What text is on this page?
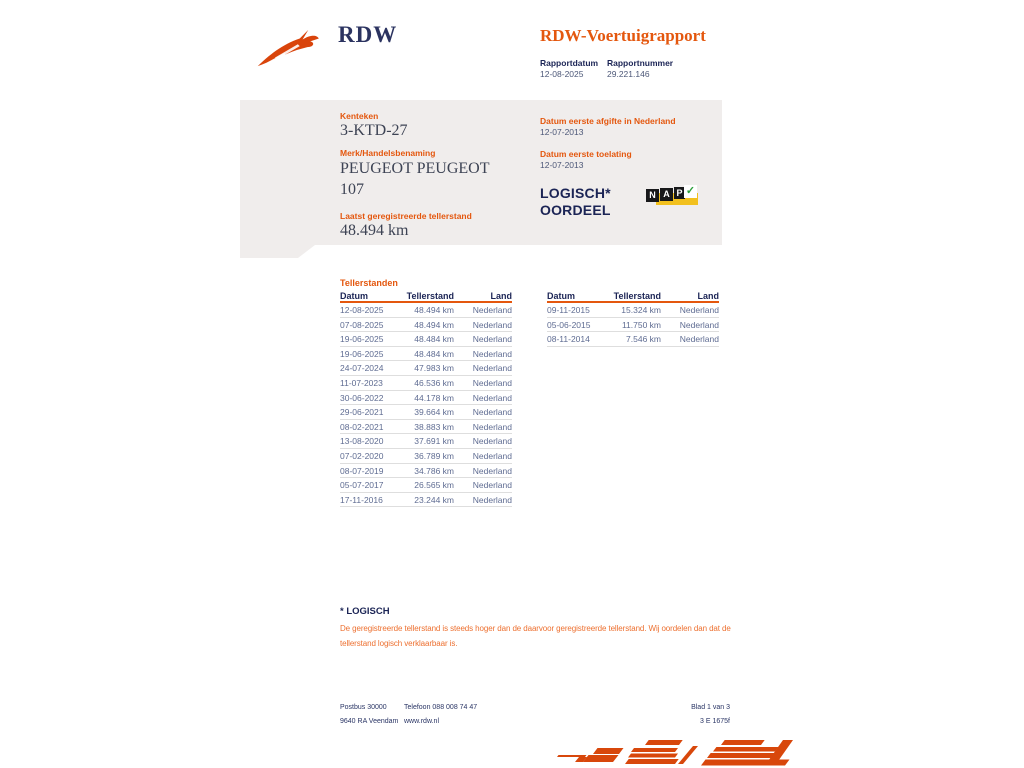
RDW	RDW-Voertuigrapport
Rapportdatum Rapportnummer
12-08-2025	29.221.146
Kenteken
3-KTD-27
Merk/Handelsbenaming
PEUGEOT PEUGEOT 107
Laatst geregistreerde tellerstand
48.494 km
Datum eerste afgifte in Nederland
12-07-2013
Datum eerste toelating
12-07-2013
LOGISCH*
OORDEEL
N A P ✓
Tellerstanden
Datum	Tellerstand	Land
12-08-2025	48.494 km	Nederland
07-08-2025	48.494 km	Nederland
19-06-2025	48.484 km	Nederland
19-06-2025	48.484 km	Nederland
24-07-2024	47.983 km	Nederland
11-07-2023	46.536 km	Nederland
30-06-2022	44.178 km	Nederland
29-06-2021	39.664 km	Nederland
08-02-2021	38.883 km	Nederland
13-08-2020	37.691 km	Nederland
07-02-2020	36.789 km	Nederland
08-07-2019	34.786 km	Nederland
05-07-2017	26.565 km	Nederland
17-11-2016	23.244 km	Nederland
Datum	Tellerstand	Land
09-11-2015	15.324 km	Nederland
05-06-2015	11.750 km	Nederland
08-11-2014	7.546 km	Nederland
* LOGISCH
De geregistreerde tellerstand is steeds hoger dan de daarvoor geregistreerde tellerstand. Wij oordelen dan dat de tellerstand logisch verklaarbaar is.
Postbus 30000
9640 RA Veendam
Telefoon 088 008 74 47
www.rdw.nl
Blad 1 van 3
3 E 1675f
